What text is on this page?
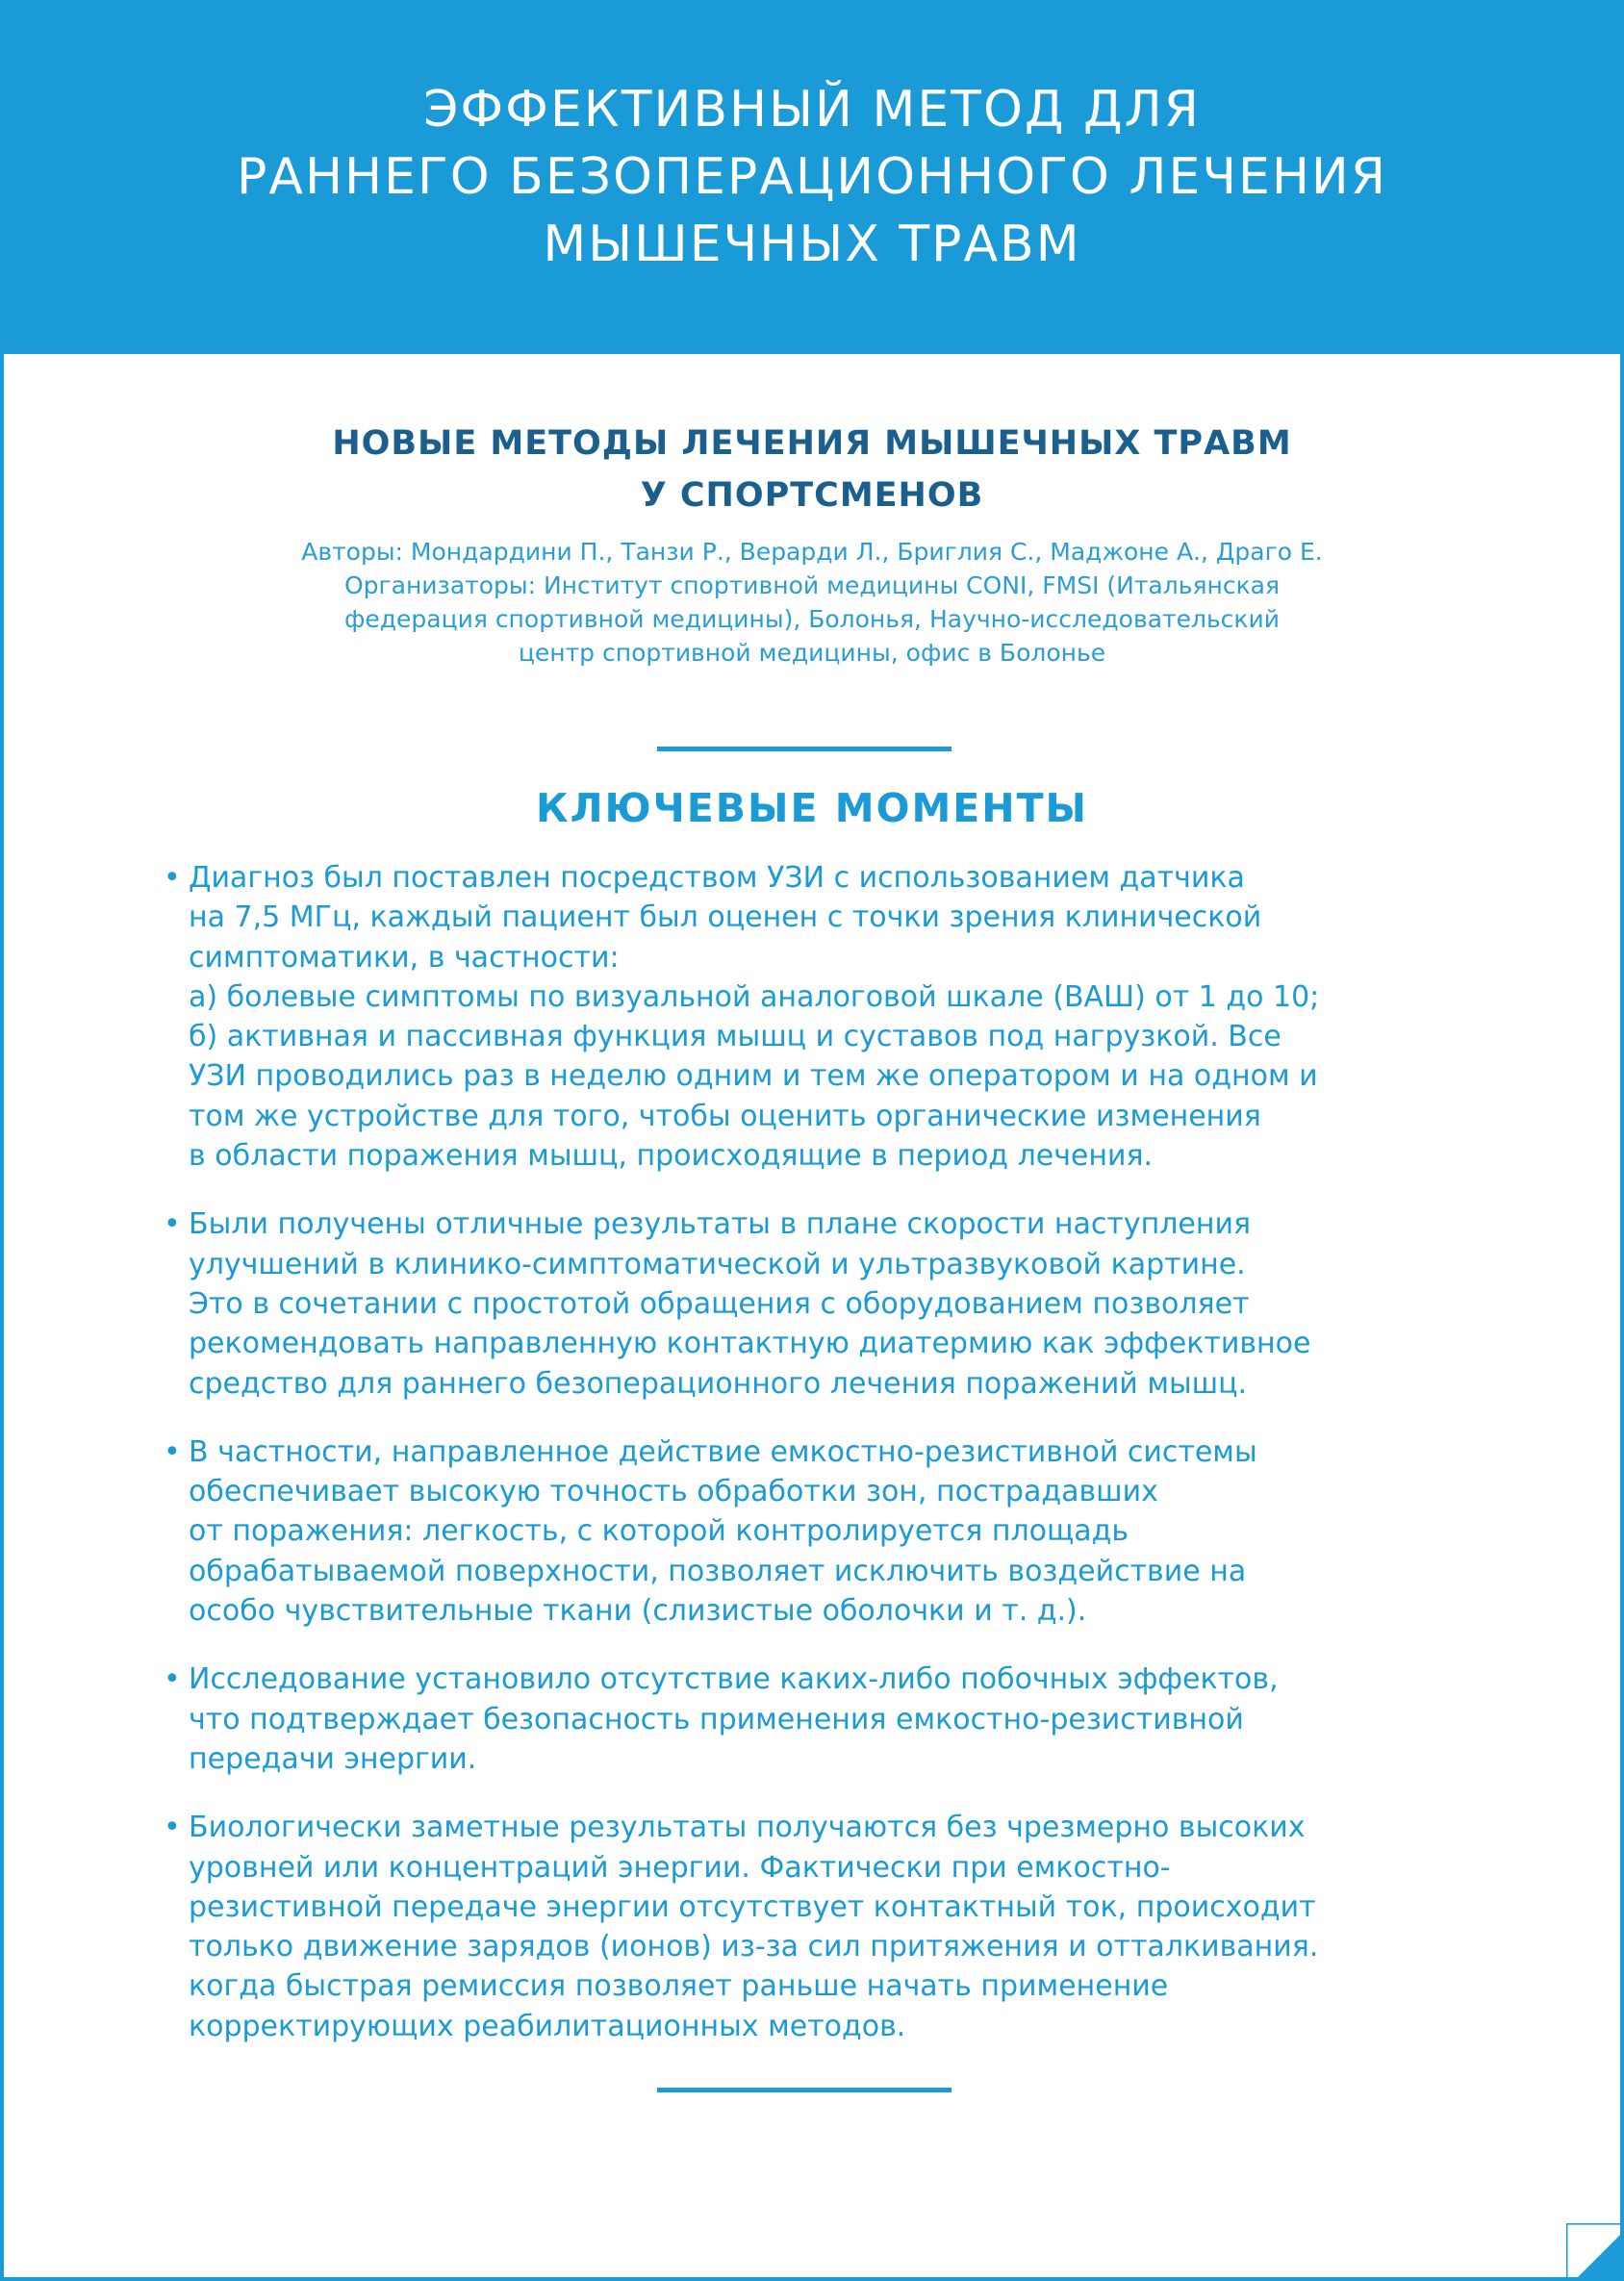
ЭФФЕКТИВНЫЙ МЕТОД ДЛЯ
РАННЕГО БЕЗОПЕРАЦИОННОГО ЛЕЧЕНИЯ
МЫШЕЧНЫХ ТРАВМ
НОВЫЕ МЕТОДЫ ЛЕЧЕНИЯ МЫШЕЧНЫХ ТРАВМ
У СПОРТСМЕНОВ
Авторы: Мондардини П., Танзи Р., Верарди Л., Бриглия С., Маджоне А., Драго Е.
Организаторы: Институт спортивной медицины CONI, FMSI (Итальянская
федерация спортивной медицины), Болонья, Научно-исследовательский
центр спортивной медицины, офис в Болонье
КЛЮЧЕВЫЕ МОМЕНТЫ
• Диагноз был поставлен посредством УЗИ с использованием датчика
на 7,5 МГц, каждый пациент был оценен с точки зрения клинической
симптоматики, в частности:
а) болевые симптомы по визуальной аналоговой шкале (ВАШ) от 1 до 10;
б) активная и пассивная функция мышц и суставов под нагрузкой. Все
УЗИ проводились раз в неделю одним и тем же оператором и на одном и
том же устройстве для того, чтобы оценить органические изменения
в области поражения мышц, происходящие в период лечения.
• Были получены отличные результаты в плане скорости наступления
улучшений в клинико-симптоматической и ультразвуковой картине.
Это в сочетании с простотой обращения с оборудованием позволяет
рекомендовать направленную контактную диатермию как эффективное
средство для раннего безоперационного лечения поражений мышц.
• В частности, направленное действие емкостно-резистивной системы
обеспечивает высокую точность обработки зон, пострадавших
от поражения: легкость, с которой контролируется площадь
обрабатываемой поверхности, позволяет исключить воздействие на
особо чувствительные ткани (слизистые оболочки и т. д.).
• Исследование установило отсутствие каких-либо побочных эффектов,
что подтверждает безопасность применения емкостно-резистивной
передачи энергии.
• Биологически заметные результаты получаются без чрезмерно высоких
уровней или концентраций энергии. Фактически при емкостно-
резистивной передаче энергии отсутствует контактный ток, происходит
только движение зарядов (ионов) из-за сил притяжения и отталкивания.
когда быстрая ремиссия позволяет раньше начать применение
корректирующих реабилитационных методов.
